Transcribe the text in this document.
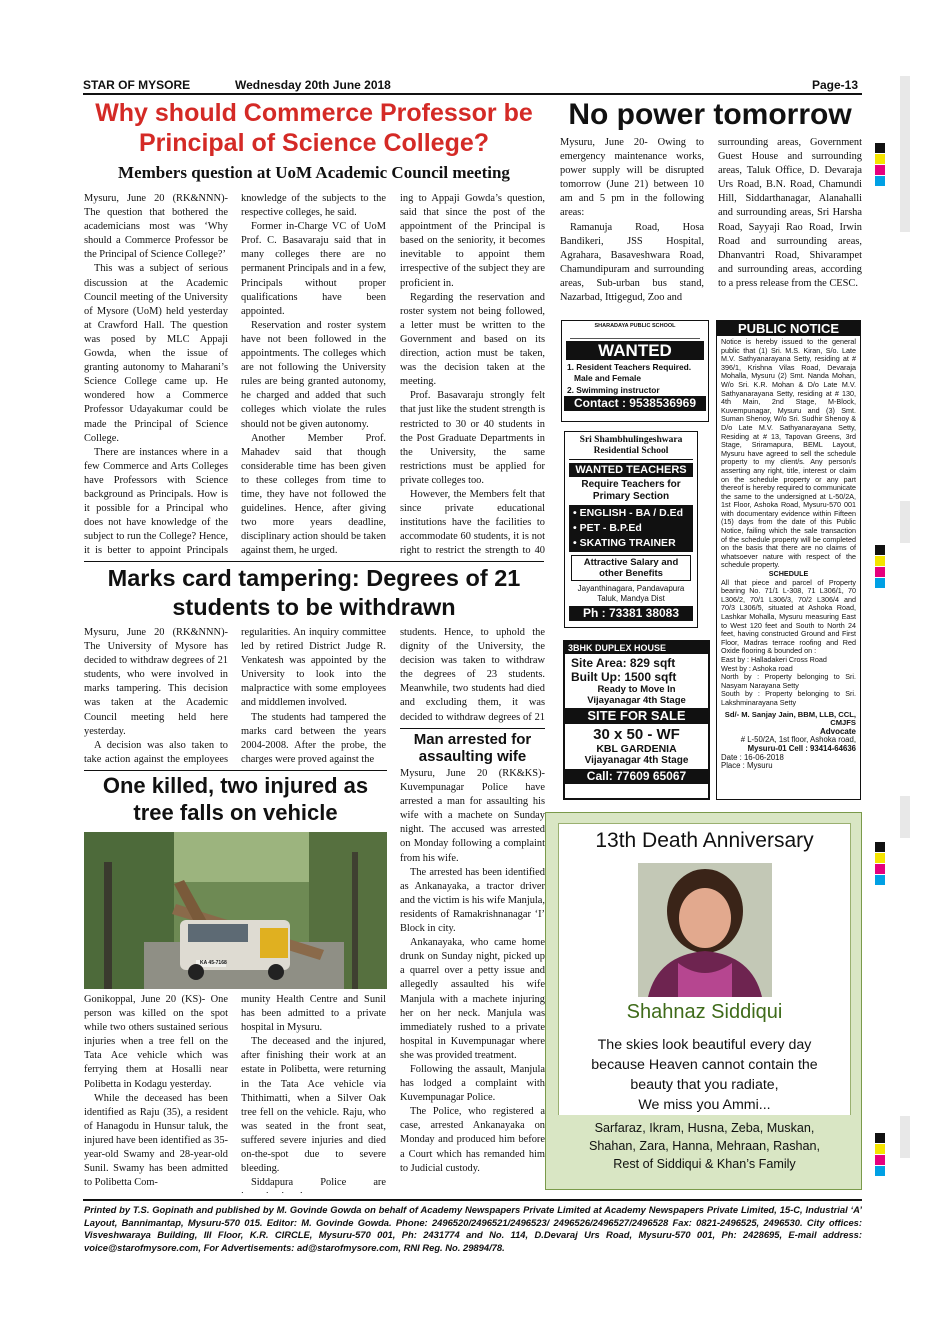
STAR OF MYSORE	Wednesday 20th June 2018	Page-13
Why should Commerce Professor be Principal of Science College?
Members question at UoM Academic Council meeting

Mysuru, June 20 (RK&NNN)- The question that bothered the academicians most was ‘Why should a Commerce Professor be the Principal of Science College?’

This was a subject of serious discussion at the Academic Council meeting of the University of Mysore (UoM) held yesterday at Crawford Hall. The question was posed by MLC Appaji Gowda, when the issue of granting autonomy to Maharani’s Science College came up. He wondered how a Commerce Professor Udayakumar could be made the Principal of Science College.

There are instances where in a few Commerce and Arts Colleges have Professors with Science background as Principals. How is it possible for a Principal who does not have knowledge of the subject to run the College? Hence, it is better to appoint Principals

knowledge of the subjects to the respective colleges, he said.

Former in-Charge VC of UoM Prof. C. Basavaraju said that in many colleges there are no permanent Principals and in a few, Principals without proper qualifications have been appointed.

Reservation and roster system have not been followed in the appointments. The colleges which are not following the University rules are being granted autonomy, he charged and added that such colleges which violate the rules should not be given autonomy.

Another Member Prof. Mahadev said that though considerable time has been given to these colleges from time to time, they have not followed the guidelines. Hence, after giving two more years deadline, disciplinary action should be taken against them, he urged.

ing to Appaji Gowda’s question, said that since the post of the appointment of the Principal is based on the seniority, it becomes inevitable to appoint them irrespective of the subject they are proficient in.

Regarding the reservation and roster system not being followed, a letter must be written to the Government and based on its direction, action must be taken, was the decision taken at the meeting.

Prof. Basavaraju strongly felt that just like the student strength is restricted to 30 or 40 students in the Post Graduate Departments in the University, the same restrictions must be applied for private colleges too.

However, the Members felt that since private educational institutions have the facilities to accommodate 60 students, it is not right to restrict the strength to 40

No power tomorrow

Mysuru, June 20- Owing to emergency maintenance works, power supply will be disrupted tomorrow (June 21) between 10 am and 5 pm in the following areas:

Ramanuja Road, Hosa Bandikeri, JSS Hospital, Agrahara, Basaveshwara Road, Chamundipuram and surrounding areas, Sub-urban bus stand, Nazarbad, Ittigegud, Zoo and

surrounding areas, Government Guest House and surrounding areas, Taluk Office, D. Devaraja Urs Road, B.N. Road, Chamundi Hill, Siddarthanagar, Alanahalli and surrounding areas, Sri Harsha Road, Sayyaji Rao Road, Irwin Road and surrounding areas, Dhanvantri Road, Shivarampet and surrounding areas, according to a press release from the CESC.

SHARADAYA PUBLIC SCHOOL
WANTED
1. Resident Teachers Required.
Male and Female
2. Swimming instructor
Contact : 9538536969
Sri Shambhulingeshwara Residential School
WANTED TEACHERS
Require Teachers for Primary Section
• ENGLISH - BA / D.Ed
• PET - B.P.Ed
• SKATING TRAINER
Attractive Salary and other Benefits
Jayanthinagara, Pandavapura Taluk, Mandya Dist
Ph : 73381 38083
3BHK DUPLEX HOUSE
Site Area: 829 sqft
Built Up: 1500 sqft
Ready to Move In
Vijayanagar 4th Stage
SITE FOR SALE
30 x 50 - WF
KBL GARDENIA
Vijayanagar 4th Stage
Call: 77609 65067
PUBLIC NOTICE
Notice is hereby issued to the general public that (1) Sri. M.S. Kiran, S/o. Late M.V. Sathyanarayana Setty, residing at # 396/1, Krishna Vilas Road, Devaraja Mohalla, Mysuru (2) Smt. Nanda Mohan, W/o Sri. K.R. Mohan & D/o Late M.V. Sathyanarayana Setty, residing at # 130, 4th Main, 2nd Stage, M-Block, Kuvempunagar, Mysuru and (3) Smt. Suman Shenoy, W/o Sri. Sudhir Shenoy & D/o Late M.V. Sathyanarayana Setty, Residing at # 13, Tapovan Greens, 3rd Stage, Sriramapura, BEML Layout, Mysuru have agreed to sell the schedule property to my client/s. Any person/s asserting any right, title, interest or claim on the schedule property or any part thereof is hereby required to communicate the same to the undersigned at L-50/2A, 1st Floor, Ashoka Road, Mysuru-570 001 with documentary evidence within Fifteen (15) days from the date of this Public Notice, failing which the sale transaction of the schedule property will be completed on the basis that there are no claims of whatsoever nature with respect of the schedule property.
SCHEDULE
All that piece and parcel of Property bearing No. 71/1 L-308, 71 L306/1, 70 L306/2, 70/1 L306/3, 70/2 L306/4 and 70/3 L306/5, situated at Ashoka Road, Lashkar Mohalla, Mysuru measuring East to West 120 feet and South to North 24 feet, having constructed Ground and First Floor, Madras terrace roofing and Red Oxide flooring & bounded on :
East by : Halladakeri Cross Road
West by : Ashoka road
North by : Property belonging to Sri. Nasyam Narayana Setty
South by : Property belonging to Sri. Lakshminarayana Setty
Sd/- M. Sanjay Jain, BBM, LLB, CCL, CMJFS
Advocate
# L-50/2A, 1st floor, Ashoka road,
Mysuru-01 Cell : 93414-64636
Date : 16-06-2018
Place : Mysuru
Marks card tampering: Degrees of 21 students to be withdrawn

Mysuru, June 20 (RK&NNN)- The University of Mysore has decided to withdraw degrees of 21 students, who were involved in marks tampering. This decision was taken at the Academic Council meeting held here yesterday.

A decision was also taken to take action against the employees

regularities. An inquiry committee led by retired District Judge R. Venkatesh was appointed by the University to look into the malpractice with some employees and middlemen involved.

The students had tampered the marks card between the years 2004-2008. After the probe, the charges were proved against the

students. Hence, to uphold the dignity of the University, the decision was taken to withdraw the degrees of 23 students. Meanwhile, two students had died and excluding them, it was decided to withdraw degrees of 21

Man arrested for assaulting wife

Mysuru, June 20 (RK&KS)- Kuvempunagar Police have arrested a man for assaulting his wife with a machete on Sunday night. The accused was arrested on Monday following a complaint from his wife.

The arrested has been identified as Ankanayaka, a tractor driver and the victim is his wife Manjula, residents of Ramakrishnanagar ‘I’ Block in city.

Ankanayaka, who came home drunk on Sunday night, picked up a quarrel over a petty issue and allegedly assaulted his wife Manjula with a machete injuring her on her neck. Manjula was immediately rushed to a private hospital in Kuvempunagar where she was provided treatment.

Following the assault, Manjula has lodged a complaint with Kuvempunagar Police.

The Police, who registered a case, arrested Ankanayaka on Monday and produced him before a Court which has remanded him to Judicial custody.

One killed, two injured as tree falls on vehicle
KA 45-7168

Gonikoppal, June 20 (KS)- One person was killed on the spot while two others sustained serious injuries when a tree fell on the Tata Ace vehicle which was ferrying them at Hosalli near Polibetta in Kodagu yesterday.

While the deceased has been identified as Raju (35), a resident of Hanagodu in Hunsur taluk, the injured have been identified as 35-year-old Swamy and 28-year-old Sunil. Swamy has been admitted to Polibetta Com-

munity Health Centre and Sunil has been admitted to a private hospital in Mysuru.

The deceased and the injured, after finishing their work at an estate in Polibetta, were returning in the Tata Ace vehicle via Thithimatti, when a Silver Oak tree fell on the vehicle. Raju, who was seated in the front seat, suffered severe injuries and died on-the-spot due to severe bleeding.

Siddapura Police are

13th Death Anniversary
Shahnaz Siddiqui
The skies look beautiful every day
because Heaven cannot contain the
beauty that you radiate,
We miss you Ammi...
Sarfaraz, Ikram, Husna, Zeba, Muskan,
Shahan, Zara, Hanna, Mehraan, Rashan,
Rest of Siddiqui & Khan’s Family
Printed by T.S. Gopinath and published by M. Govinde Gowda on behalf of Academy Newspapers Private Limited at Academy Newspapers Private Limited, 15-C, Industrial ‘A’ Layout, Bannimantap, Mysuru-570 015. Editor: M. Govinde Gowda. Phone: 2496520/2496521/2496523/ 2496526/2496527/2496528 Fax: 0821-2496525, 2496530. City offices: Visveshwaraya Building, III Floor, K.R. CIRCLE, Mysuru-570 001, Ph: 2431774 and No. 114, D.Devaraj Urs Road, Mysuru-570 001, Ph: 2428695, E-mail address: voice@starofmysore.com, For Advertisements: ad@starofmysore.com, RNI Reg. No. 29894/78.
